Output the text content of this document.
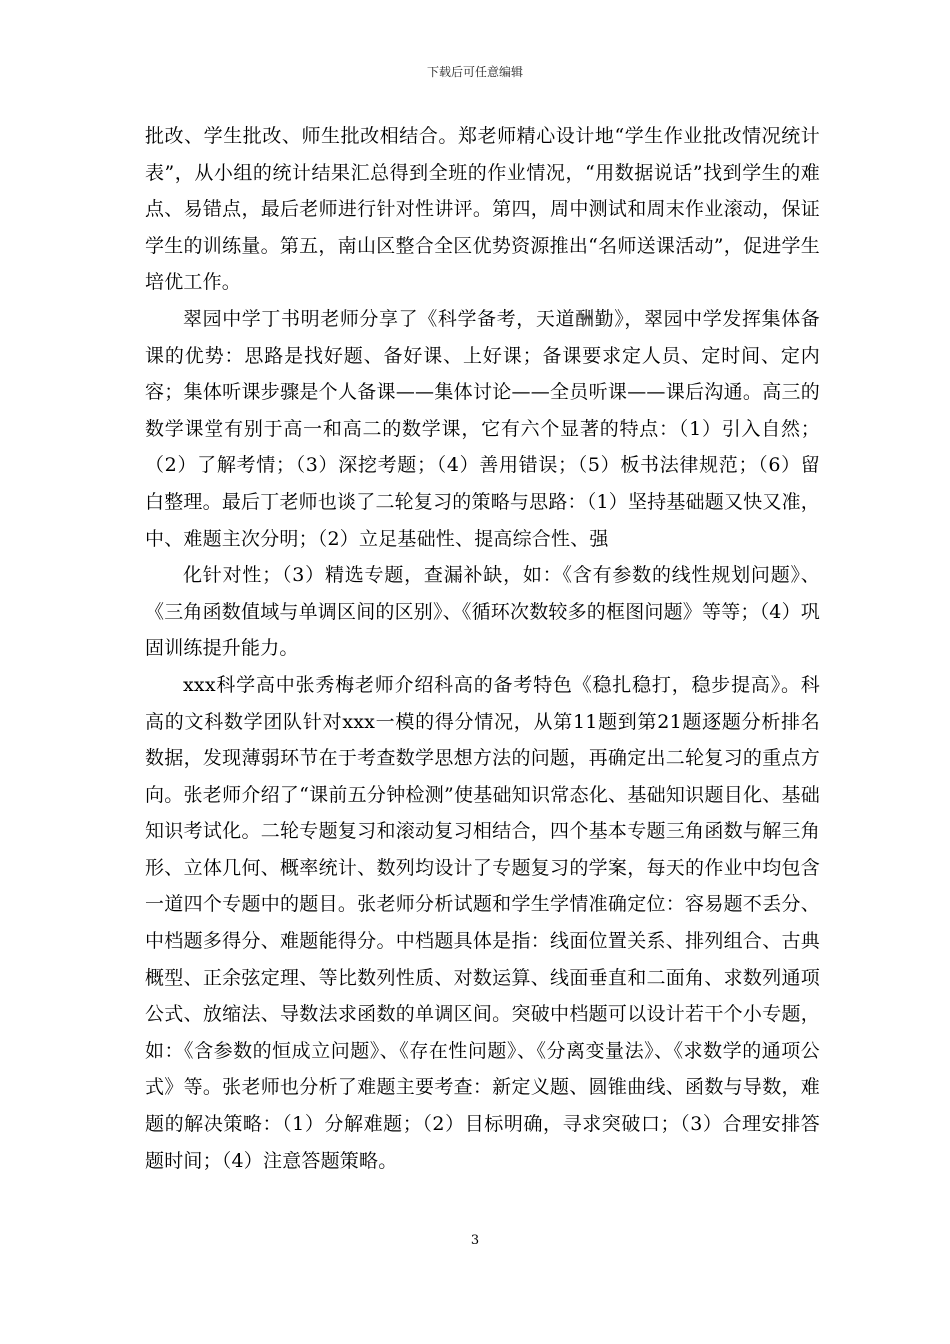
下载后可任意编辑

批改、学生批改、师生批改相结合。郑老师精心设计地“学生作业批改情况统计表”，从小组的统计结果汇总得到全班的作业情况，“用数据说话”找到学生的难点、易错点，最后老师进行针对性讲评。第四，周中测试和周末作业滚动，保证学生的训练量。第五，南山区整合全区优势资源推出“名师送课活动”，促进学生培优工作。

翠园中学丁书明老师分享了《科学备考，天道酬勤》，翠园中学发挥集体备课的优势：思路是找好题、备好课、上好课；备课要求定人员、定时间、定内容；集体听课步骤是个人备课——集体讨论——全员听课——课后沟通。高三的数学课堂有别于高一和高二的数学课，它有六个显著的特点：（1）引入自然；（2）了解考情；（3）深挖考题；（4）善用错误；（5）板书法律规范；（6）留白整理。最后丁老师也谈了二轮复习的策略与思路：（1）坚持基础题又快又准，中、难题主次分明；（2）立足基础性、提高综合性、强

化针对性；（3）精选专题，查漏补缺，如：《含有参数的线性规划问题》、《三角函数值域与单调区间的区别》、《循环次数较多的框图问题》等等；（4）巩固训练提升能力。

xxx科学高中张秀梅老师介绍科高的备考特色《稳扎稳打，稳步提高》。科高的文科数学团队针对xxx一模的得分情况，从第11题到第21题逐题分析排名数据，发现薄弱环节在于考查数学思想方法的问题，再确定出二轮复习的重点方向。张老师介绍了“课前五分钟检测”使基础知识常态化、基础知识题目化、基础知识考试化。二轮专题复习和滚动复习相结合，四个基本专题三角函数与解三角形、立体几何、概率统计、数列均设计了专题复习的学案，每天的作业中均包含一道四个专题中的题目。张老师分析试题和学生学情准确定位：容易题不丢分、中档题多得分、难题能得分。中档题具体是指：线面位置关系、排列组合、古典概型、正余弦定理、等比数列性质、对数运算、线面垂直和二面角、求数列通项公式、放缩法、导数法求函数的单调区间。突破中档题可以设计若干个小专题，如：《含参数的恒成立问题》、《存在性问题》、《分离变量法》、《求数学的通项公式》等。张老师也分析了难题主要考查：新定义题、圆锥曲线、函数与导数，难题的解决策略：（1）分解难题；（2）目标明确，寻求突破口；（3）合理安排答题时间；（4）注意答题策略。

3
